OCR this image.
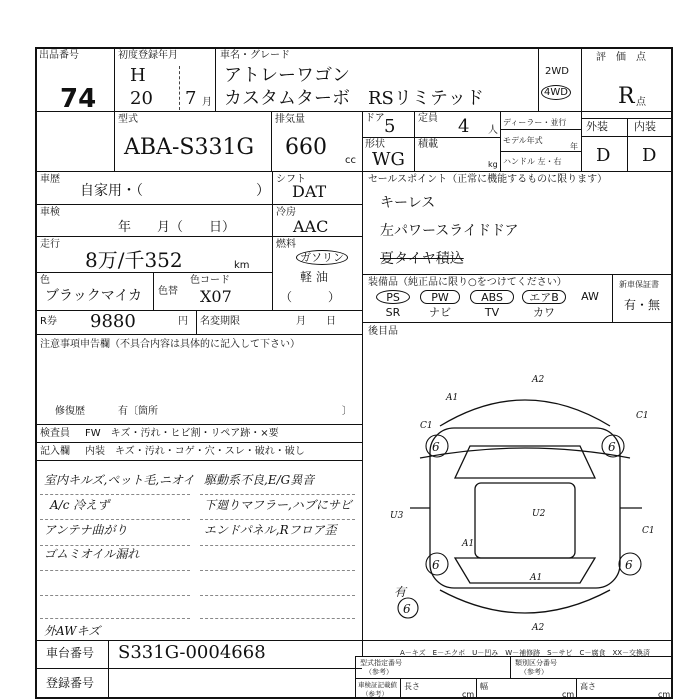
出品番号
74
初度登録年月
H
20 7 月
車名・グレード
アトレーワゴン
カスタムターボ　RSリミテッド
2WD
4WD
評　価　点
R 点
型式
ABA-S331G
排気量
660
cc
ドア 5 定員 4 人
形状
WG
積載
kg
ディーラー・並行
モデル年式
年
ハンドル 左・右
外装 内装
D D
車歴
自家用・（	）
シフト
DAT
車検
年　　月（　　日）
冷房
AAC
走行
8万/千352	km
燃料
ガソリン
軽 油
（　　　）
色
ブラックマイカ 色替
色コード
X07
R券 9880	円 名変期限	月　　日
注意事項申告欄（不具合内容は具体的に記入して下さい）
修復歴	有〔箇所	〕
検査員 FW　キズ・汚れ・ヒビ割・リペア跡・×要
記入欄 内装　キズ・汚れ・コゲ・穴・スレ・破れ・破し
室内キルズ,ペット毛,ニオイ
A/c 冷えず
アンテナ曲がり
ゴムミオイル漏れ
外AWキズ
駆動系不良,E/G異音
下廻りマフラー,ハブにサビ
エンドパネル,Rフロア歪
セールスポイント（正常に機能するものに限ります）
キーレス
左パワースライドドア
夏タイヤ積込
装備品（純正品に限り○をつけてください）	新車保証書
有・無
PS	PW	ABS	エアB	AW
SR	ナビ	TV	カワ
後目品
6	6
6	6
6
A2
A1
C1
U3
C1
U2
A1
C1
A2
有
A1
A－キズ　E－エクボ　U－凹み　W－補修跡　S－サビ　C－腐食　XX－交換済
車台番号 S331G-0004668
登録番号
型式指定番号
（参考）
類別区分番号
（参考）
車検証記載値
（参考）
長さ
cm
幅
cm
高さ
cm
